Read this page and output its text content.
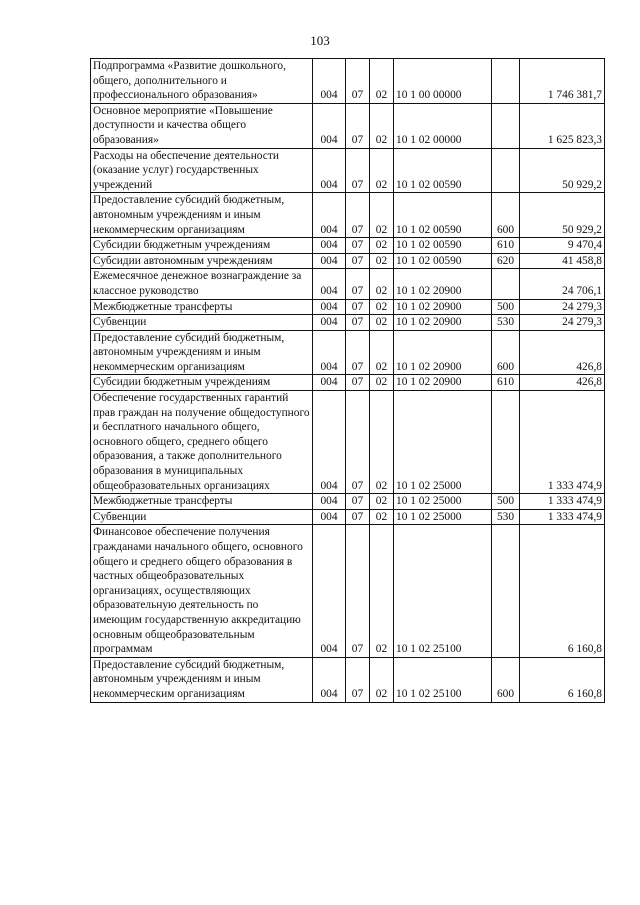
103
Подпрограмма «Развитие дошкольного, общего, дополнительного и профессионального образования»	004	07	02	10 1 00 00000		1 746 381,7
Основное мероприятие «Повышение доступности и качества общего образования»	004	07	02	10 1 02 00000		1 625 823,3
Расходы на обеспечение деятельности (оказание услуг) государственных учреждений	004	07	02	10 1 02 00590		50 929,2
Предоставление субсидий бюджетным, автономным учреждениям и иным некоммерческим организациям	004	07	02	10 1 02 00590	600	50 929,2
Субсидии бюджетным учреждениям	004	07	02	10 1 02 00590	610	9 470,4
Субсидии автономным учреждениям	004	07	02	10 1 02 00590	620	41 458,8
Ежемесячное денежное вознаграждение за классное руководство	004	07	02	10 1 02 20900		24 706,1
Межбюджетные трансферты	004	07	02	10 1 02 20900	500	24 279,3
Субвенции	004	07	02	10 1 02 20900	530	24 279,3
Предоставление субсидий бюджетным, автономным учреждениям и иным некоммерческим организациям	004	07	02	10 1 02 20900	600	426,8
Субсидии бюджетным учреждениям	004	07	02	10 1 02 20900	610	426,8
Обеспечение государственных гарантий прав граждан на получение общедоступного и бесплатного начального общего, основного общего, среднего общего образования, а также дополнительного образования в муниципальных общеобразовательных организациях	004	07	02	10 1 02 25000		1 333 474,9
Межбюджетные трансферты	004	07	02	10 1 02 25000	500	1 333 474,9
Субвенции	004	07	02	10 1 02 25000	530	1 333 474,9
Финансовое обеспечение получения гражданами начального общего, основного общего и среднего общего образования в частных общеобразовательных организациях, осуществляющих образовательную деятельность по имеющим государственную аккредитацию основным общеобразовательным программам	004	07	02	10 1 02 25100		6 160,8
Предоставление субсидий бюджетным, автономным учреждениям и иным некоммерческим организациям	004	07	02	10 1 02 25100	600	6 160,8
